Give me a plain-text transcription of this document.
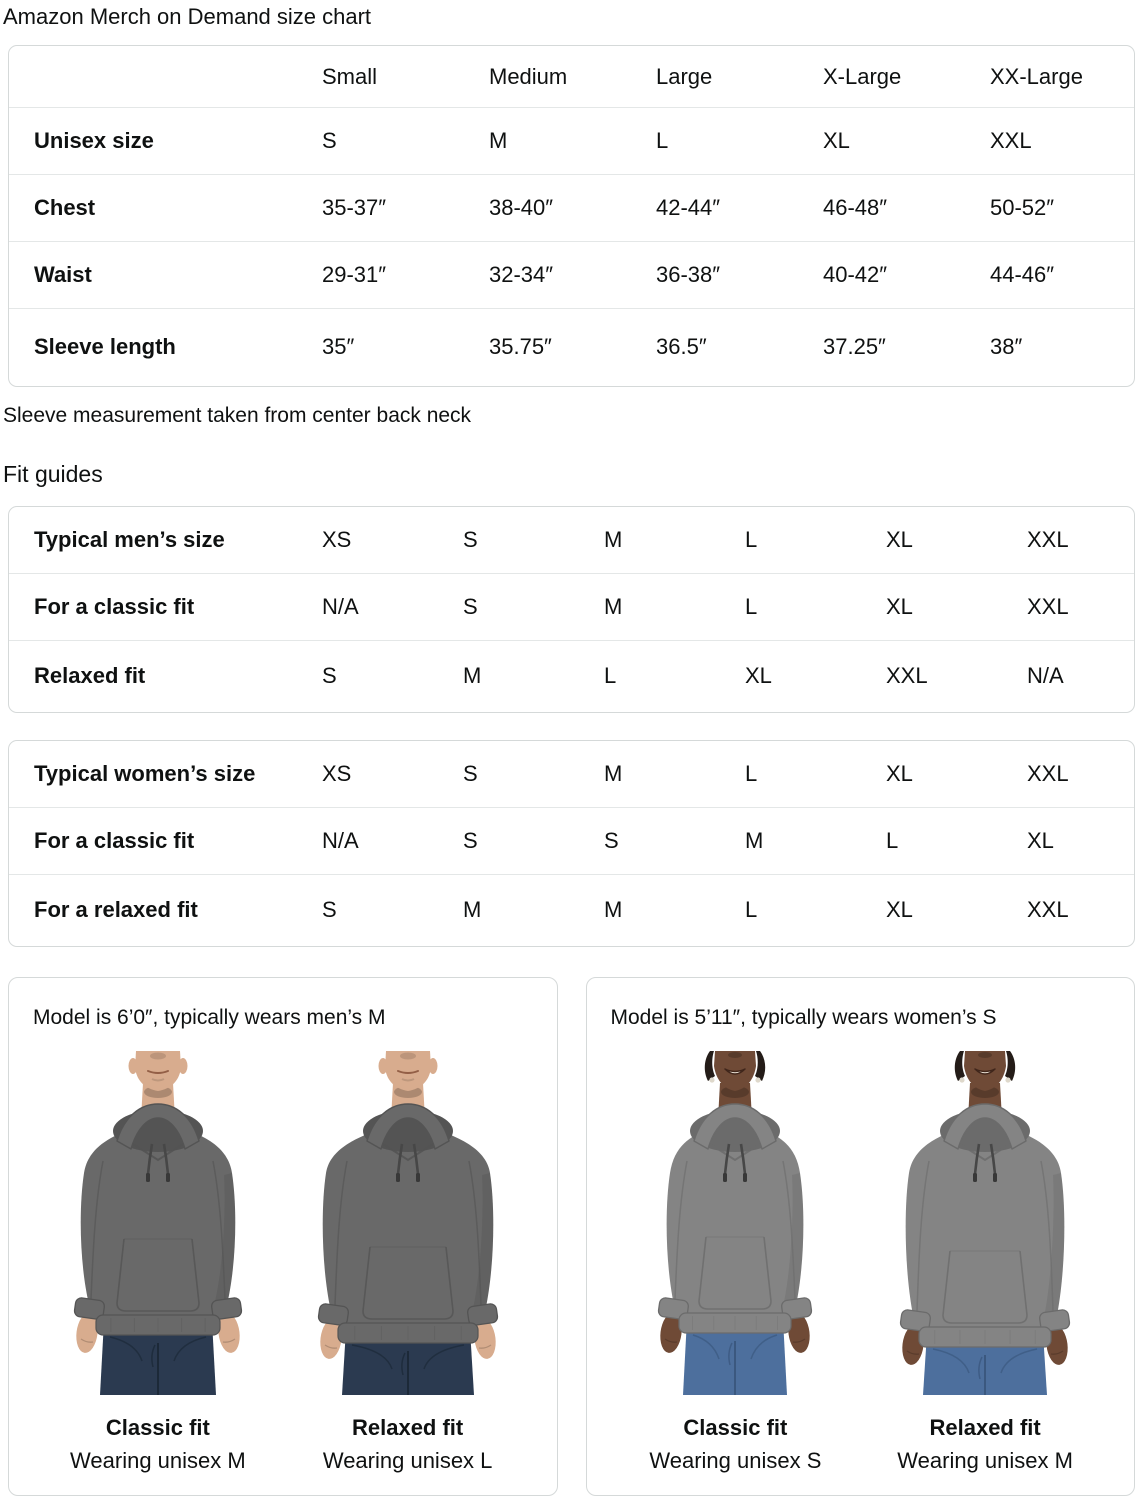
Amazon Merch on Demand size chart
	Small	Medium	Large	X-Large	XX-Large
Unisex size	S	M	L	XL	XXL
Chest	35-37″	38-40″	42-44″	46-48″	50-52″
Waist	29-31″	32-34″	36-38″	40-42″	44-46″
Sleeve length	35″	35.75″	36.5″	37.25″	38″

Sleeve measurement taken from center back neck

Fit guides
Typical men’s size	XS	S	M	L	XL	XXL
For a classic fit	N/A	S	M	L	XL	XXL
Relaxed fit	S	M	L	XL	XXL	N/A
Typical women’s size	XS	S	M	L	XL	XXL
For a classic fit	N/A	S	S	M	L	XL
For a relaxed fit	S	M	M	L	XL	XXL

Model is 6’0″, typically wears men’s M

Classic fit
Wearing unisex M
Relaxed fit
Wearing unisex L

Model is 5’11″, typically wears women’s S

Classic fit
Wearing unisex S
Relaxed fit
Wearing unisex M
